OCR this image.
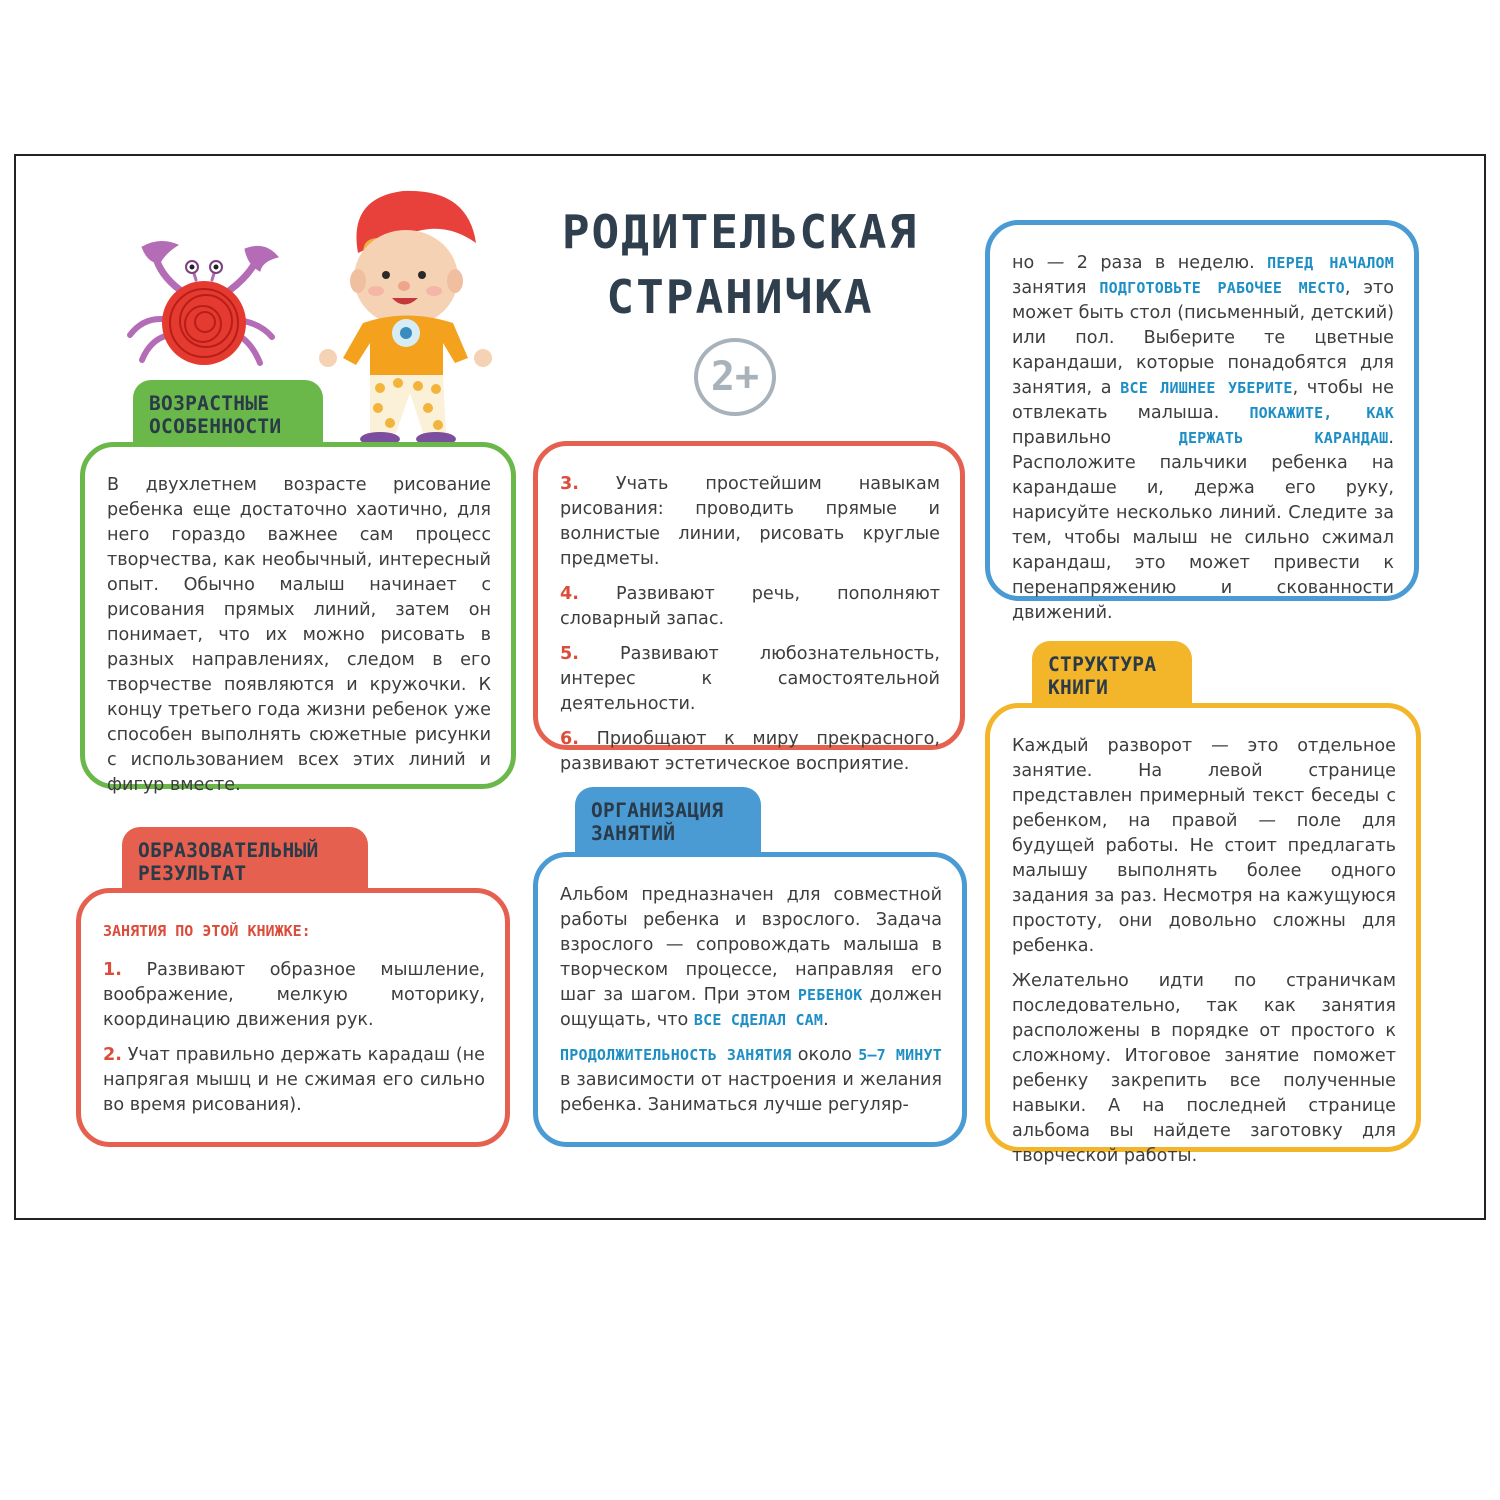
РОДИТЕЛЬСКАЯ
СТРАНИЧКА
2+
ВОЗРАСТНЫЕ
ОСОБЕННОСТИ

В двухлетнем возрасте рисование ребенка еще достаточно хаотично, для него гораздо важнее сам процесс творчества, как необычный, интересный опыт. Обычно малыш начинает с рисования прямых линий, затем он понимает, что их можно рисовать в разных направлениях, следом в его творчестве появляются и кружочки. К концу третьего года жизни ребенок уже способен выполнять сюжетные рисунки с использованием всех этих линий и фигур вместе.

ОБРАЗОВАТЕЛЬНЫЙ
РЕЗУЛЬТАТ

ЗАНЯТИЯ ПО ЭТОЙ КНИЖКЕ:

1. Развивают образное мышление, воображение, мелкую моторику, координацию движения рук.

2. Учат правильно держать карадаш (не напрягая мышц и не сжимая его сильно во время рисования).

3. Учать простейшим навыкам рисования: проводить прямые и волнистые линии, рисовать круглые предметы.

4. Развивают речь, пополняют словарный запас.

5. Развивают любознательность, интерес к самостоятельной деятельности.

6. Приобщают к миру прекрасного, развивают эстетическое восприятие.

ОРГАНИЗАЦИЯ
ЗАНЯТИЙ

Альбом предназначен для совместной работы ребенка и взрослого. Задача взрослого — сопровождать малыша в творческом процессе, направляя его шаг за шагом. При этом РЕБЕНОК должен ощущать, что ВСЕ СДЕЛАЛ САМ.

ПРОДОЛЖИТЕЛЬНОСТЬ ЗАНЯТИЯ около 5–7 МИНУТ в зависимости от настроения и желания ребенка. Заниматься лучше регуляр-

но — 2 раза в неделю. ПЕРЕД НАЧАЛОМ занятия ПОДГОТОВЬТЕ РАБОЧЕЕ МЕСТО, это может быть стол (письменный, детский) или пол. Выберите те цветные карандаши, которые понадобятся для занятия, а ВСЕ ЛИШНЕЕ УБЕРИТЕ, чтобы не отвлекать малыша. ПОКАЖИТЕ, КАК правильно ДЕРЖАТЬ КАРАНДАШ. Расположите пальчики ребенка на карандаше и, держа его руку, нарисуйте несколько линий. Следите за тем, чтобы малыш не сильно сжимал карандаш, это может привести к перенапряжению и скованности движений.

СТРУКТУРА
КНИГИ

Каждый разворот — это отдельное занятие. На левой странице представлен примерный текст беседы с ребенком, на правой — поле для будущей работы. Не стоит предлагать малышу выполнять более одного задания за раз. Несмотря на кажущуюся простоту, они довольно сложны для ребенка.

Желательно идти по страничкам последовательно, так как занятия расположены в порядке от простого к сложному. Итоговое занятие поможет ребенку закрепить все полученные навыки. А на последней странице альбома вы найдете заготовку для творческой работы.
